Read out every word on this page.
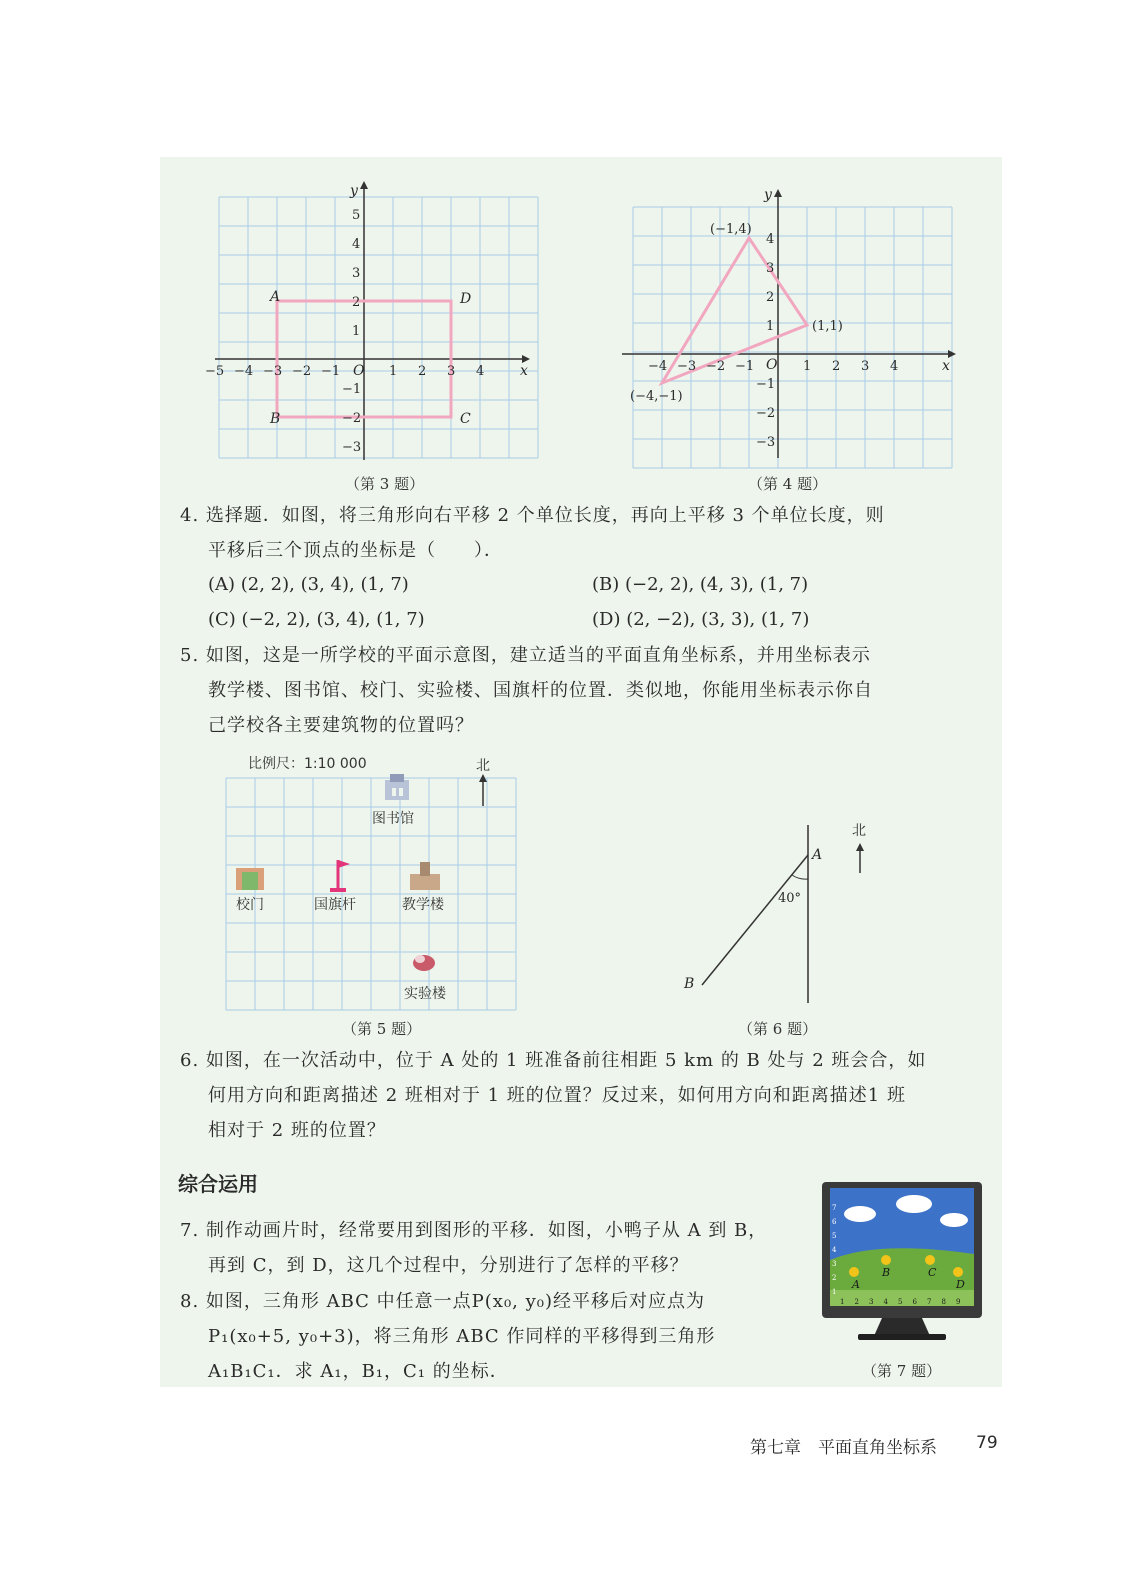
−5 −4 −3 −2 −1	1 2 3 4
5
4
3
2
1
−1
−2
−3
x
y
O
A	D
C
B
（第 3 题）
−4 −3 −2 −1	1 2 3 4
4
3
2
1
−1
−2
−3
x
y
O
(−1,4)
(1,1)
(−4,−1)
（第 4 题）
4. 选择题．如图，将三角形向右平移 2 个单位长度，再向上平移 3 个单位长度，则
平移后三个顶点的坐标是（　　）．
(A) (2, 2), (3, 4), (1, 7)	(B) (−2, 2), (4, 3), (1, 7)
(C) (−2, 2), (3, 4), (1, 7)	(D) (2, −2), (3, 3), (1, 7)
5. 如图，这是一所学校的平面示意图，建立适当的平面直角坐标系，并用坐标表示
教学楼、图书馆、校门、实验楼、国旗杆的位置．类似地，你能用坐标表示你自
己学校各主要建筑物的位置吗？
比例尺：1:10 000	北
图书馆
校门	国旗杆	教学楼
实验楼
（第 5 题）
A
B
40°
北
（第 6 题）
6. 如图，在一次活动中，位于 A 处的 1 班准备前往相距 5 km 的 B 处与 2 班会合，如
何用方向和距离描述 2 班相对于 1 班的位置？反过来，如何用方向和距离描述1 班
相对于 2 班的位置？
综合运用
7. 制作动画片时，经常要用到图形的平移．如图，小鸭子从 A 到 B，
再到 C，到 D，这几个过程中，分别进行了怎样的平移？
8. 如图，三角形 ABC 中任意一点P(x₀, y₀)经平移后对应点为
P₁(x₀+5, y₀+3)，将三角形 ABC 作同样的平移得到三角形
A₁B₁C₁．求 A₁，B₁，C₁ 的坐标．
A
B	C
D
1 2 3 4 5 6 7 8 9
1
2
3
4
5
6
7
（第 7 题）
第七章　平面直角坐标系 79
